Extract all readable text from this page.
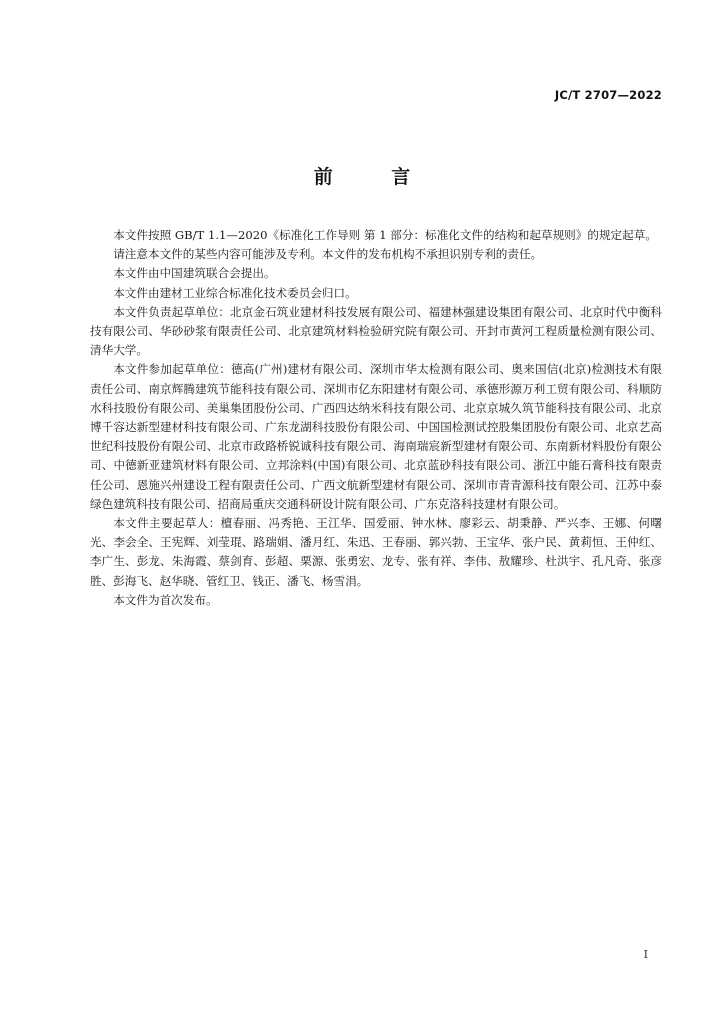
JC/T 2707—2022

前 言

本文件按照 GB/T 1.1—2020《标准化工作导则 第 1 部分：标准化文件的结构和起草规则》的规定起草。

请注意本文件的某些内容可能涉及专利。本文件的发布机构不承担识别专利的责任。

本文件由中国建筑联合会提出。

本文件由建材工业综合标准化技术委员会归口。

本文件负责起草单位：北京金石筑业建材科技发展有限公司、福建林强建设集团有限公司、北京时代中衡科技有限公司、华砂砂浆有限责任公司、北京建筑材料检验研究院有限公司、开封市黄河工程质量检测有限公司、清华大学。

本文件参加起草单位：德高(广州)建材有限公司、深圳市华太检测有限公司、奥来国信(北京)检测技术有限责任公司、南京辉腾建筑节能科技有限公司、深圳市亿东阳建材有限公司、承德形源万利工贸有限公司、科顺防水科技股份有限公司、美巢集团股份公司、广西四达纳米科技有限公司、北京京城久筑节能科技有限公司、北京博千容达新型建材科技有限公司、广东龙湖科技股份有限公司、中国国检测试控股集团股份有限公司、北京艺高世纪科技股份有限公司、北京市政路桥锐诚科技有限公司、海南瑞宸新型建材有限公司、东南新材料股份有限公司、中德新亚建筑材料有限公司、立邦涂料(中国)有限公司、北京蓝砂科技有限公司、浙江中能石膏科技有限责任公司、恩施兴州建设工程有限责任公司、广西文航新型建材有限公司、深圳市青青源科技有限公司、江苏中泰绿色建筑科技有限公司、招商局重庆交通科研设计院有限公司、广东克洛科技建材有限公司。

本文件主要起草人：檀春丽、冯秀艳、王江华、国爱丽、钟水林、廖彩云、胡秉静、严兴李、王娜、何曙光、李会全、王宪辉、刘莹琨、路瑞娟、潘月红、朱迅、王春丽、郭兴勃、王宝华、张户民、黄莉恒、王仲红、李广生、彭龙、朱海霞、蔡剑育、彭超、栗源、张勇宏、龙专、张有祥、李伟、敖耀珍、杜洪宇、孔凡奇、张彦胜、彭海飞、赵华晓、管红卫、钱正、潘飞、杨雪涓。

本文件为首次发布。

I
